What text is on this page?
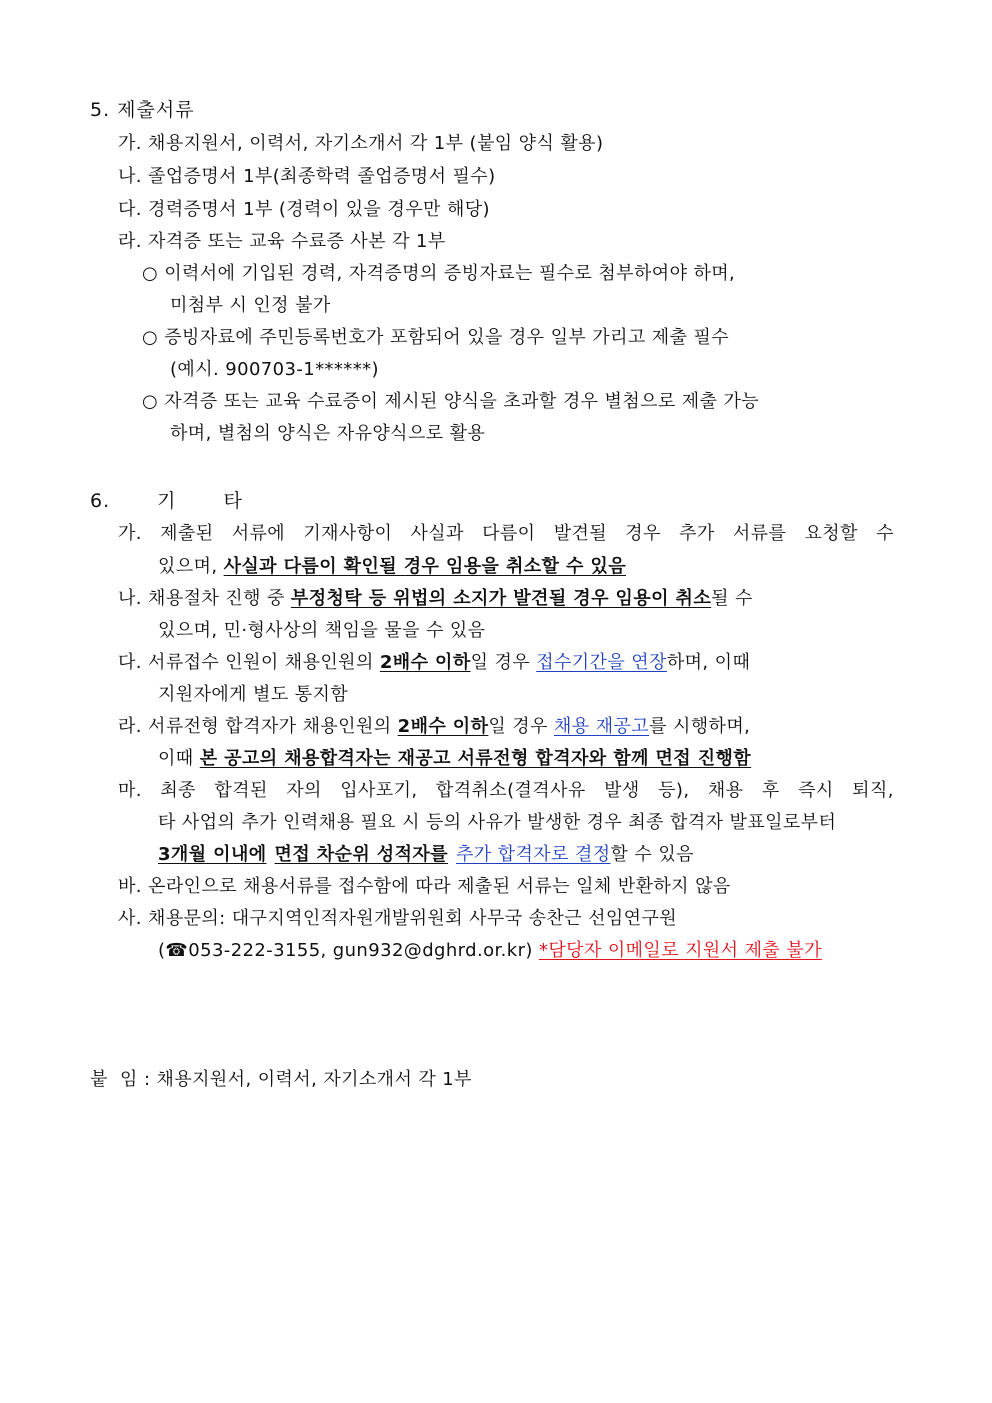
5. 제출서류
가. 채용지원서, 이력서, 자기소개서 각 1부 (붙임 양식 활용)
나. 졸업증명서 1부(최종학력 졸업증명서 필수)
다. 경력증명서 1부 (경력이 있을 경우만 해당)
라. 자격증 또는 교육 수료증 사본 각 1부
○ 이력서에 기입된 경력, 자격증명의 증빙자료는 필수로 첨부하여야 하며,
미첨부 시 인정 불가
○ 증빙자료에 주민등록번호가 포함되어 있을 경우 일부 가리고 제출 필수
(예시. 900703-1******)
○ 자격증 또는 교육 수료증이 제시된 양식을 초과할 경우 별첨으로 제출 가능
하며, 별첨의 양식은 자유양식으로 활용
6. 기 타
가. 제출된 서류에 기재사항이 사실과 다름이 발견될 경우 추가 서류를 요청할 수
있으며, 사실과 다름이 확인될 경우 임용을 취소할 수 있음
나. 채용절차 진행 중 부정청탁 등 위법의 소지가 발견될 경우 임용이 취소될 수
있으며, 민·형사상의 책임을 물을 수 있음
다. 서류접수 인원이 채용인원의 2배수 이하일 경우 접수기간을 연장하며, 이때
지원자에게 별도 통지함
라. 서류전형 합격자가 채용인원의 2배수 이하일 경우 채용 재공고를 시행하며,
이때 본 공고의 채용합격자는 재공고 서류전형 합격자와 함께 면접 진행함
마. 최종 합격된 자의 입사포기, 합격취소(결격사유 발생 등), 채용 후 즉시 퇴직,
타 사업의 추가 인력채용 필요 시 등의 사유가 발생한 경우 최종 합격자 발표일로부터
3개월 이내에 면접 차순위 성적자를 추가 합격자로 결정할 수 있음
바. 온라인으로 채용서류를 접수함에 따라 제출된 서류는 일체 반환하지 않음
사. 채용문의: 대구지역인적자원개발위원회 사무국 송찬근 선임연구원
(☎053-222-3155, gun932@dghrd.or.kr) *담당자 이메일로 지원서 제출 불가
붙  임 : 채용지원서, 이력서, 자기소개서 각 1부
